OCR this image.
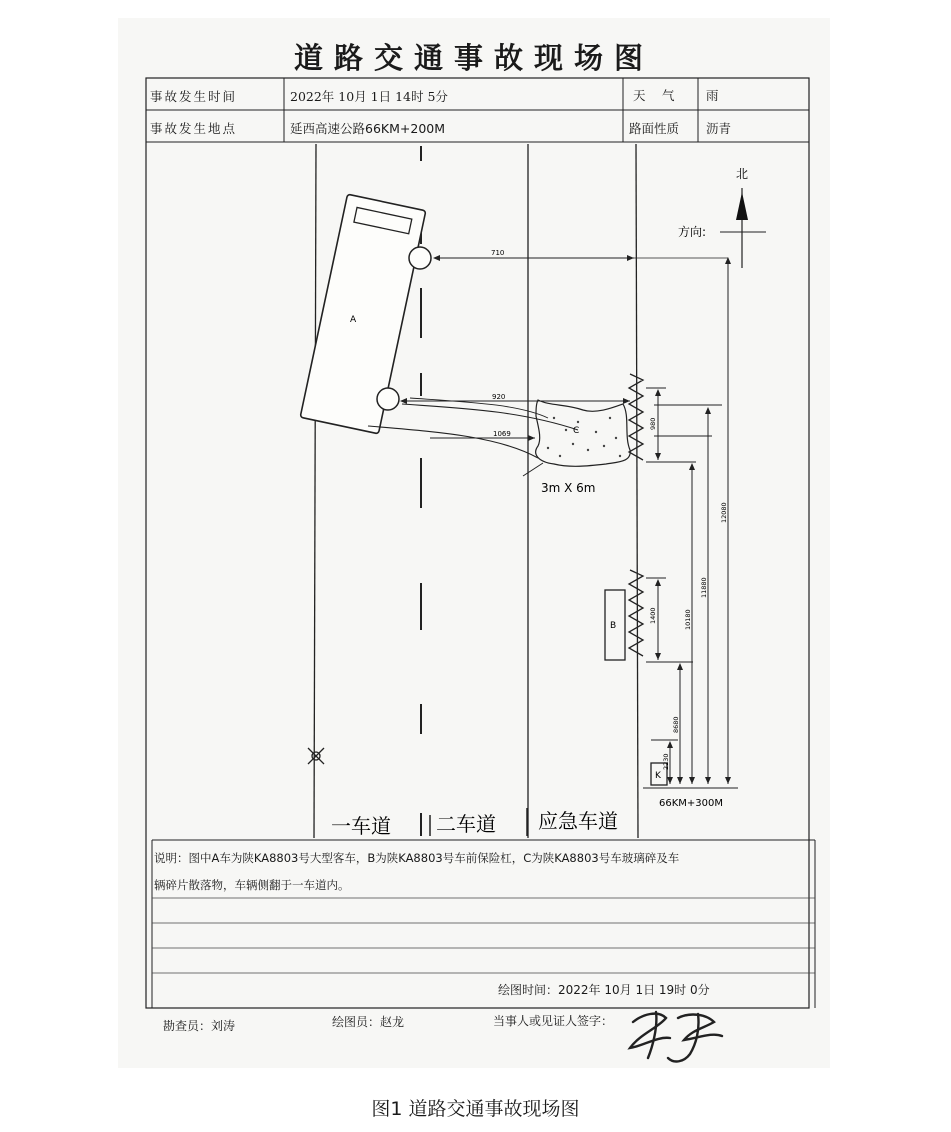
道路交通事故现场图
A
C
B
K
北
方向:
3m X 6m
66KM+300M
710
920
1069
980
12080
11880
10180
1400
8680
2230
一车道 二车道 应急车道
事故发生时间	2022年 10月 1日 14时 5分	天　气 雨
事故发生地点	延西高速公路66KM+200M	路面性质 沥青
说明：图中A车为陕KA8803号大型客车，B为陕KA8803号车前保险杠，C为陕KA8803号车玻璃碎及车
辆碎片散落物，车辆侧翻于一车道内。
绘图时间：2022年 10月 1日 19时 0分
勘查员：刘涛	绘图员：赵龙	当事人或见证人签字：
图1 道路交通事故现场图
